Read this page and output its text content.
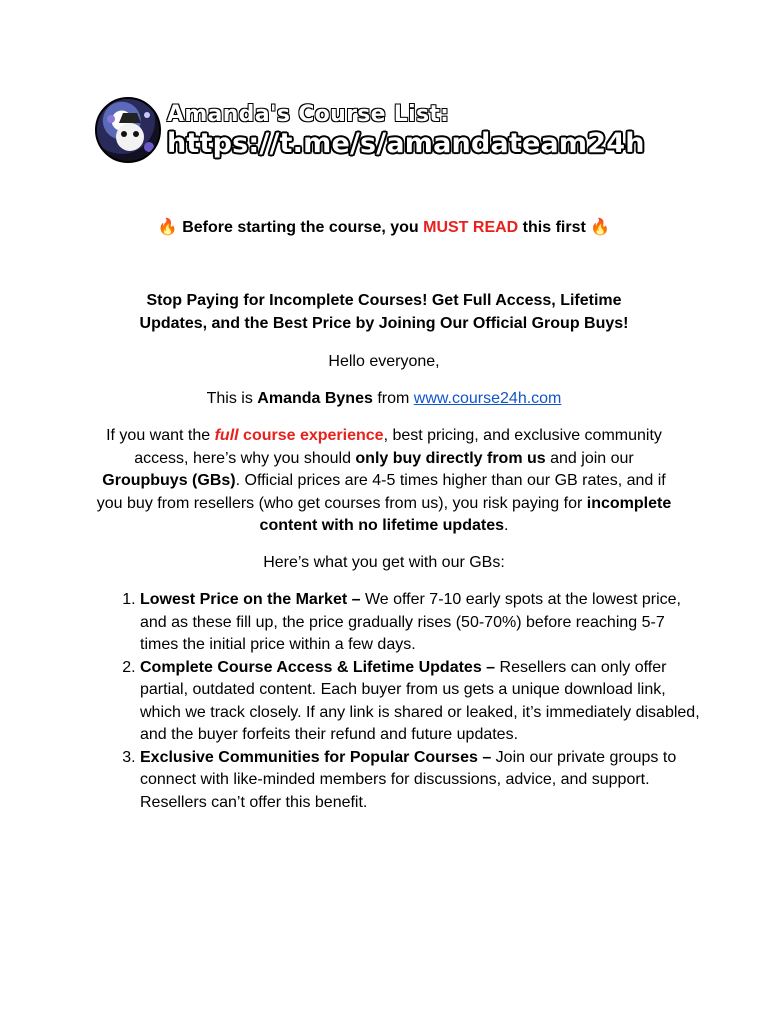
Amanda's Course List:
https://t.me/s/amandateam24h
🔥 Before starting the course, you MUST READ this first 🔥
Stop Paying for Incomplete Courses! Get Full Access, Lifetime
Updates, and the Best Price by Joining Our Official Group Buys!
Hello everyone,
This is Amanda Bynes from www.course24h.com
If you want the full course experience, best pricing, and exclusive community access, here’s why you should only buy directly from us and join our Groupbuys (GBs). Official prices are 4-5 times higher than our GB rates, and if you buy from resellers (who get courses from us), you risk paying for incomplete content with no lifetime updates.
Here’s what you get with our GBs:
1. Lowest Price on the Market – We offer 7-10 early spots at the lowest price, and as these fill up, the price gradually rises (50-70%) before reaching 5-7 times the initial price within a few days.
2. Complete Course Access & Lifetime Updates – Resellers can only offer partial, outdated content. Each buyer from us gets a unique download link, which we track closely. If any link is shared or leaked, it’s immediately disabled, and the buyer forfeits their refund and future updates.
3. Exclusive Communities for Popular Courses – Join our private groups to connect with like-minded members for discussions, advice, and support. Resellers can’t offer this benefit.
